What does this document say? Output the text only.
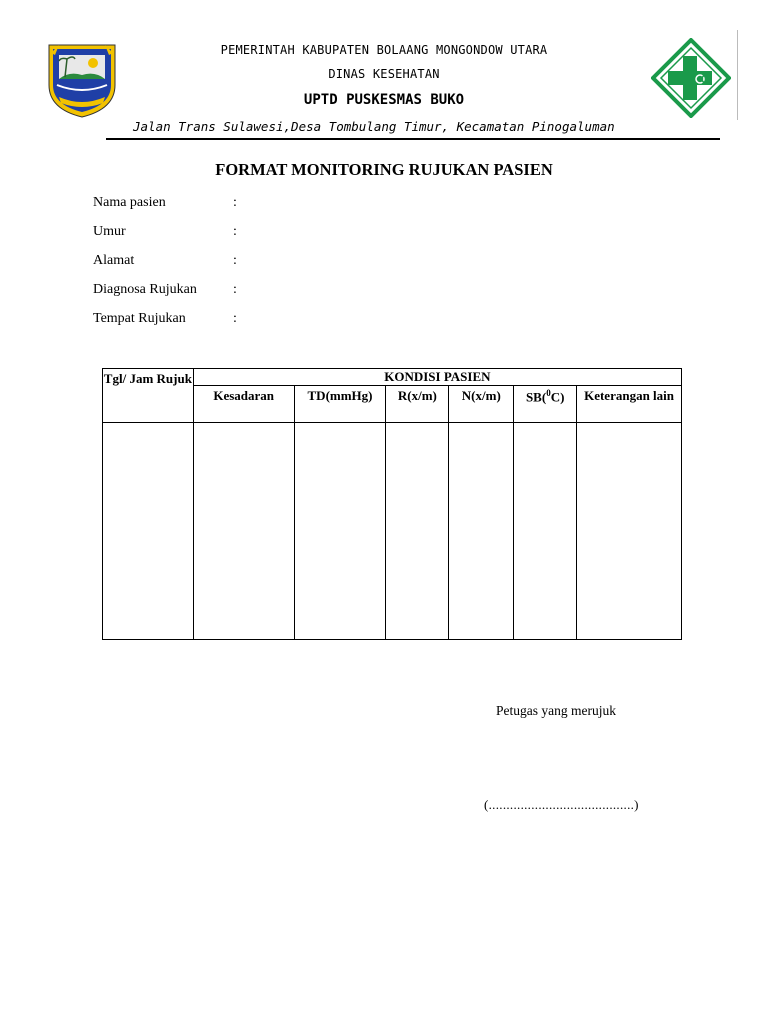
PEMERINTAH KABUPATEN BOLAANG MONGONDOW UTARA
DINAS KESEHATAN
UPTD PUSKESMAS BUKO
Jalan Trans Sulawesi,Desa Tombulang Timur, Kecamatan Pinogaluman
FORMAT MONITORING RUJUKAN PASIEN
Nama pasien	:
Umur	:
Alamat	:
Diagnosa Rujukan	:
Tempat Rujukan	:
Tgl/ Jam Rujuk	KONDISI PASIEN					
	Kesadaran	TD(mmHg)	R(x/m)	N(x/m)	SB($^0$C)	Keterangan lain

Petugas yang merujuk
(.........................................)
